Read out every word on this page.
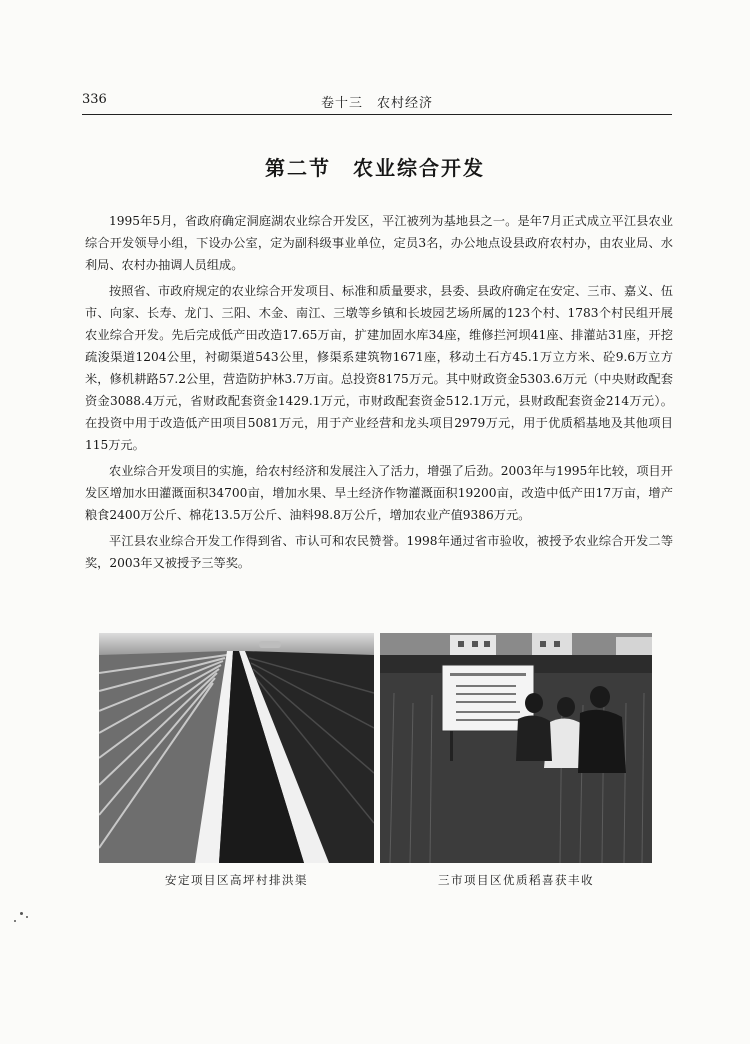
336	卷十三　农村经济
第二节　农业综合开发

1995年5月，省政府确定洞庭湖农业综合开发区，平江被列为基地县之一。是年7月正式成立平江县农业综合开发领导小组，下设办公室，定为副科级事业单位，定员3名，办公地点设县政府农村办，由农业局、水利局、农村办抽调人员组成。

按照省、市政府规定的农业综合开发项目、标准和质量要求，县委、县政府确定在安定、三市、嘉义、伍市、向家、长寿、龙门、三阳、木金、南江、三墩等乡镇和长坡园艺场所属的123个村、1783个村民组开展农业综合开发。先后完成低产田改造17.65万亩，扩建加固水库34座，维修拦河坝41座、排灌站31座，开挖疏浚渠道1204公里，衬砌渠道543公里，修渠系建筑物1671座，移动土石方45.1万立方米、砼9.6万立方米，修机耕路57.2公里，营造防护林3.7万亩。总投资8175万元。其中财政资金5303.6万元（中央财政配套资金3088.4万元，省财政配套资金1429.1万元，市财政配套资金512.1万元，县财政配套资金214万元）。在投资中用于改造低产田项目5081万元，用于产业经营和龙头项目2979万元，用于优质稻基地及其他项目115万元。

农业综合开发项目的实施，给农村经济和发展注入了活力，增强了后劲。2003年与1995年比较，项目开发区增加水田灌溉面积34700亩，增加水果、旱土经济作物灌溉面积19200亩，改造中低产田17万亩，增产粮食2400万公斤、棉花13.5万公斤、油料98.8万公斤，增加农业产值9386万元。

平江县农业综合开发工作得到省、市认可和农民赞誉。1998年通过省市验收，被授予农业综合开发二等奖，2003年又被授予三等奖。

安定项目区高坪村排洪渠	三市项目区优质稻喜获丰收
